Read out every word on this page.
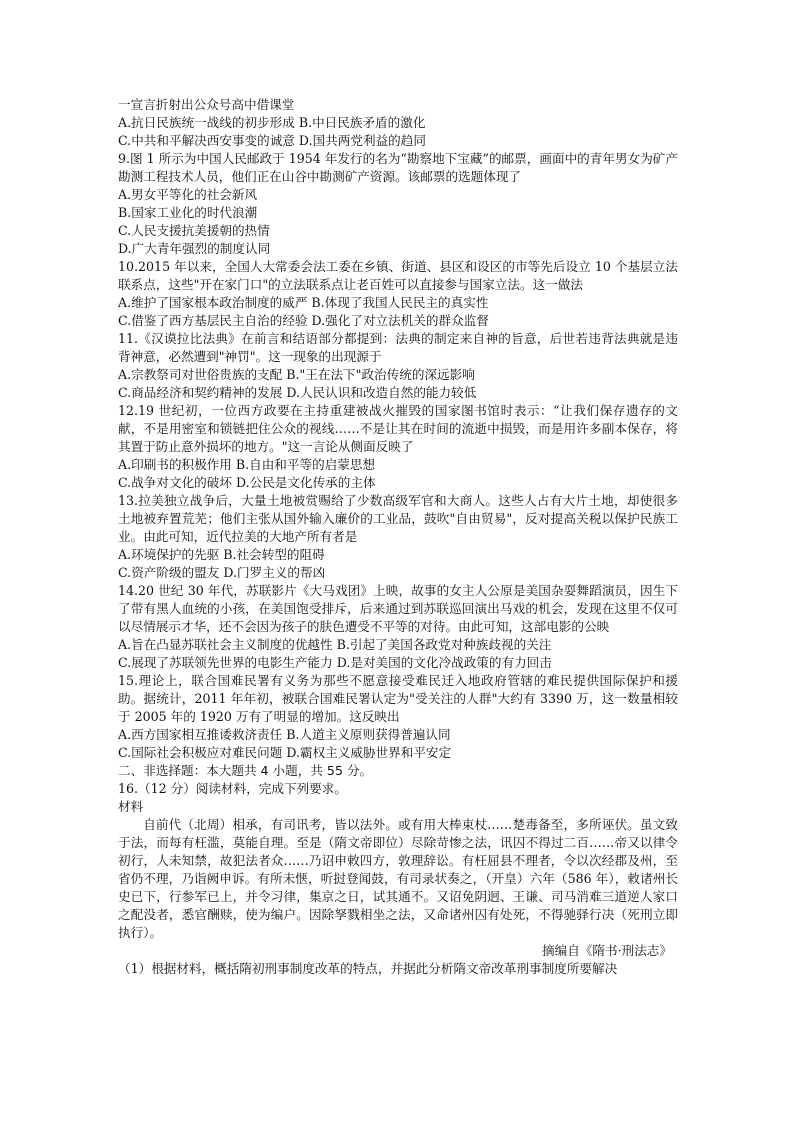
一宣言折射出公众号高中借课堂
A.抗日民族统一战线的初步形成 B.中日民族矛盾的激化
C.中共和平解决西安事变的诚意 D.国共两党利益的趋同

9.图 1 所示为中国人民邮政于 1954 年发行的名为“勘察地下宝藏”的邮票，画面中的青年男女为矿产勘测工程技术人员，他们正在山谷中勘测矿产资源。该邮票的选题体现了

A.男女平等化的社会新风
B.国家工业化的时代浪潮
C.人民支援抗美援朝的热情
D.广大青年强烈的制度认同

10.2015 年以来，全国人大常委会法工委在乡镇、街道、县区和设区的市等先后设立 10 个基层立法联系点，这些"开在家门口"的立法联系点让老百姓可以直接参与国家立法。这一做法

A.维护了国家根本政治制度的威严 B.体现了我国人民民主的真实性
C.借鉴了西方基层民主自治的经验 D.强化了对立法机关的群众监督

11.《汉谟拉比法典》在前言和结语部分都提到：法典的制定来自神的旨意，后世若违背法典就是违背神意，必然遭到"神罚"。这一现象的出现源于

A.宗教祭司对世俗贵族的支配 B."王在法下"政治传统的深远影响
C.商品经济和契约精神的发展 D.人民认识和改造自然的能力较低

12.19 世纪初，一位西方政要在主持重建被战火摧毁的国家图书馆时表示：“让我们保存遗存的文献，不是用密室和锁链把住公众的视线……不是让其在时间的流逝中损毁，而是用许多副本保存，将其置于防止意外损坏的地方。"这一言论从侧面反映了

A.印刷书的积极作用 B.自由和平等的启蒙思想
C.战争对文化的破坏 D.公民是文化传承的主体

13.拉美独立战争后，大量土地被赏赐给了少数高级军官和大商人。这些人占有大片土地，却使很多土地被弃置荒芜；他们主张从国外输入廉价的工业品，鼓吹"自由贸易"，反对提高关税以保护民族工业。由此可知，近代拉美的大地产所有者是

A.环境保护的先驱 B.社会转型的阻碍
C.资产阶级的盟友 D.门罗主义的帮凶

14.20 世纪 30 年代，苏联影片《大马戏团》上映，故事的女主人公原是美国杂耍舞蹈演员，因生下了带有黑人血统的小孩，在美国饱受排斥，后来通过到苏联巡回演出马戏的机会，发现在这里不仅可以尽情展示才华，还不会因为孩子的肤色遭受不平等的对待。由此可知，这部电影的公映

A.旨在凸显苏联社会主义制度的优越性 B.引起了美国各政党对种族歧视的关注
C.展现了苏联领先世界的电影生产能力 D.是对美国的文化冷战政策的有力回击

15.理论上，联合国难民署有义务为那些不愿意接受难民迁入地政府管辖的难民提供国际保护和援助。据统计，2011 年年初，被联合国难民署认定为"受关注的人群"大约有 3390 万，这一数量相较于 2005 年的 1920 万有了明显的增加。这反映出

A.西方国家相互推诿救济责任 B.人道主义原则获得普遍认同
C.国际社会积极应对难民问题 D.霸权主义威胁世界和平安定
二、非选择题：本大题共 4 小题，共 55 分。
16.（12 分）阅读材料，完成下列要求。
材料

自前代（北周）相承，有司讯考，皆以法外。或有用大棒束杖……楚毒备至，多所诬伏。虽文致于法，而每有枉滥，莫能自理。至是（隋文帝即位）尽除苛惨之法，讯囚不得过二百……帝又以律令初行，人未知禁，故犯法者众……乃诏申敕四方，敦理辞讼。有枉屈县不理者，令以次经郡及州，至省仍不理，乃诣阙申诉。有所未惬，听挝登闻鼓，有司录状奏之，（开皇）六年（586 年），敕诸州长史已下，行参军已上，并令习律，集京之日，试其通不。又诏免阴迥、王谦、司马消难三道逆人家口之配没者，悉官酬赎，使为编户。因除孥戮相坐之法，又命诸州囚有处死，不得驰驿行决（死刑立即执行）。

摘编自《隋书·刑法志》
（1）根据材料，概括隋初刑事制度改革的特点，并据此分析隋文帝改革刑事制度所要解决
